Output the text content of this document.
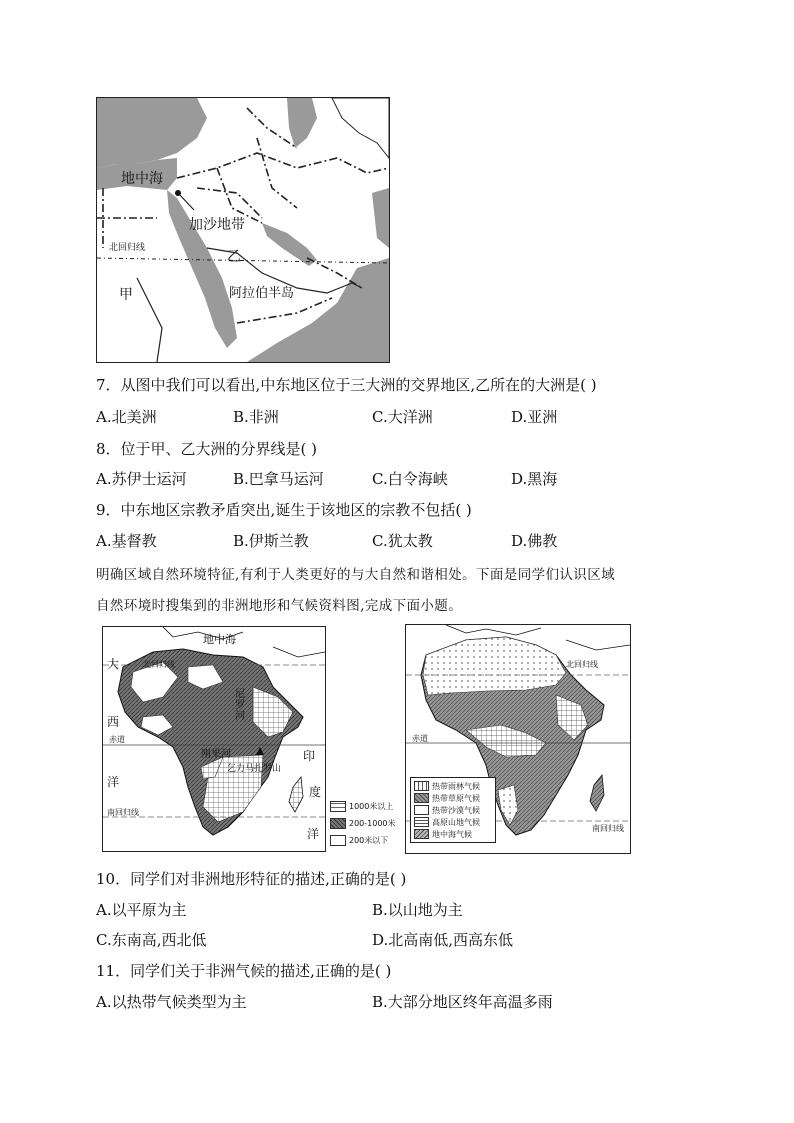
地中海
加沙地带
乙
甲
北回归线
阿拉伯半岛
7．从图中我们可以看出,中东地区位于三大洲的交界地区,乙所在的大洲是( )
A.北美洲	B.非洲	C.大洋洲	D.亚洲
8．位于甲、乙大洲的分界线是( )
A.苏伊士运河	B.巴拿马运河	C.白令海峡	D.黑海
9．中东地区宗教矛盾突出,诞生于该地区的宗教不包括( )
A.基督教	B.伊斯兰教	C.犹太教	D.佛教
明确区域自然环境特征,有利于人类更好的与大自然和谐相处。下面是同学们认识区域
自然环境时搜集到的非洲地形和气候资料图,完成下面小题。
地中海
大	北回归线
西
尼罗河
赤道
刚果河	印
乞力马扎罗山
洋
度
南回归线
洋
1000米以上
200-1000米
200米以下
北回归线
赤道
南回归线
热带雨林气候
热带草原气候
热带沙漠气候
高原山地气候
地中海气候
10．同学们对非洲地形特征的描述,正确的是( )
A.以平原为主	B.以山地为主
C.东南高,西北低	D.北高南低,西高东低
11．同学们关于非洲气候的描述,正确的是( )
A.以热带气候类型为主	B.大部分地区终年高温多雨
